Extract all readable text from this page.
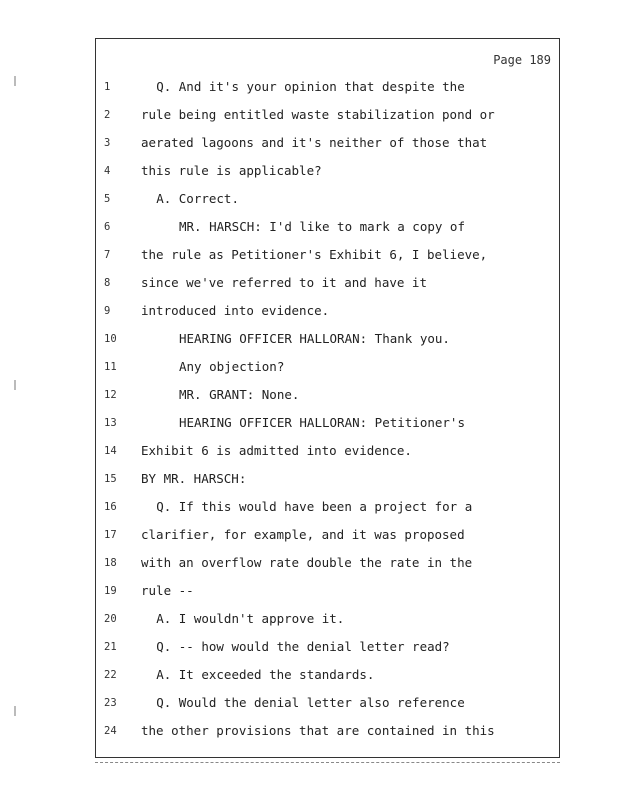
Page 189
1	Q. And it's your opinion that despite the
2	rule being entitled waste stabilization pond or
3	aerated lagoons and it's neither of those that
4	this rule is applicable?
5	A. Correct.
6	MR. HARSCH: I'd like to mark a copy of
7	the rule as Petitioner's Exhibit 6, I believe,
8	since we've referred to it and have it
9	introduced into evidence.
10	HEARING OFFICER HALLORAN: Thank you.
11	Any objection?
12	MR. GRANT: None.
13	HEARING OFFICER HALLORAN: Petitioner's
14	Exhibit 6 is admitted into evidence.
15	BY MR. HARSCH:
16	Q. If this would have been a project for a
17	clarifier, for example, and it was proposed
18	with an overflow rate double the rate in the
19	rule --
20	A. I wouldn't approve it.
21	Q. -- how would the denial letter read?
22	A. It exceeded the standards.
23	Q. Would the denial letter also reference
24	the other provisions that are contained in this
